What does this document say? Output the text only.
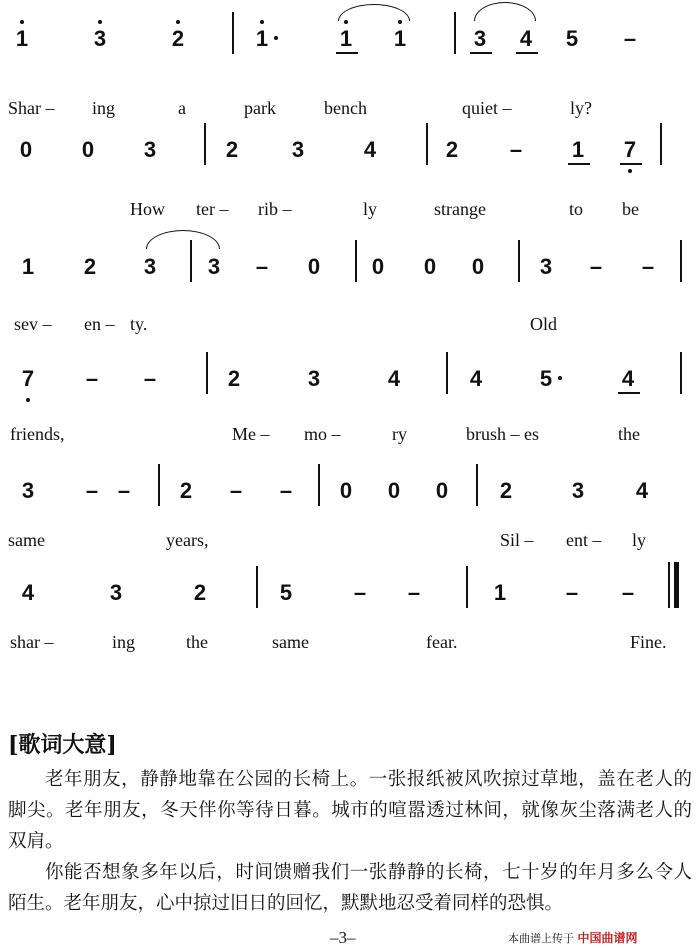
1	3	2	1	1 1	3 4 5 –
Shar – ing	a	park	bench	quiet –	ly?
0 0 3	2 3	4	2 – 1 7
How ter – rib –	ly	strange	to be
1 2 3 3 – 0 0 0 0	3 – –
sev – en – ty.	Old
7 – –	2	3	4	4	5	4
friends,	Me – mo –	ry	brush – es	the
3 – – 2 – – 0 0 0 2	3 4
same	years,	Sil – ent – ly
4	3	2	5	– –	1	– –
shar –	ing	the	same	fear.	Fine.
[歌词大意]
老年朋友，静静地靠在公园的长椅上。一张报纸被风吹掠过草地，盖在老人的脚尖。老年朋友，冬天伴你等待日暮。城市的喧嚣透过林间，就像灰尘落满老人的双肩。
你能否想象多年以后，时间馈赠我们一张静静的长椅，七十岁的年月多么令人陌生。老年朋友，心中掠过旧日的回忆，默默地忍受着同样的恐惧。
–3–	本曲谱上传于 中国曲谱网
